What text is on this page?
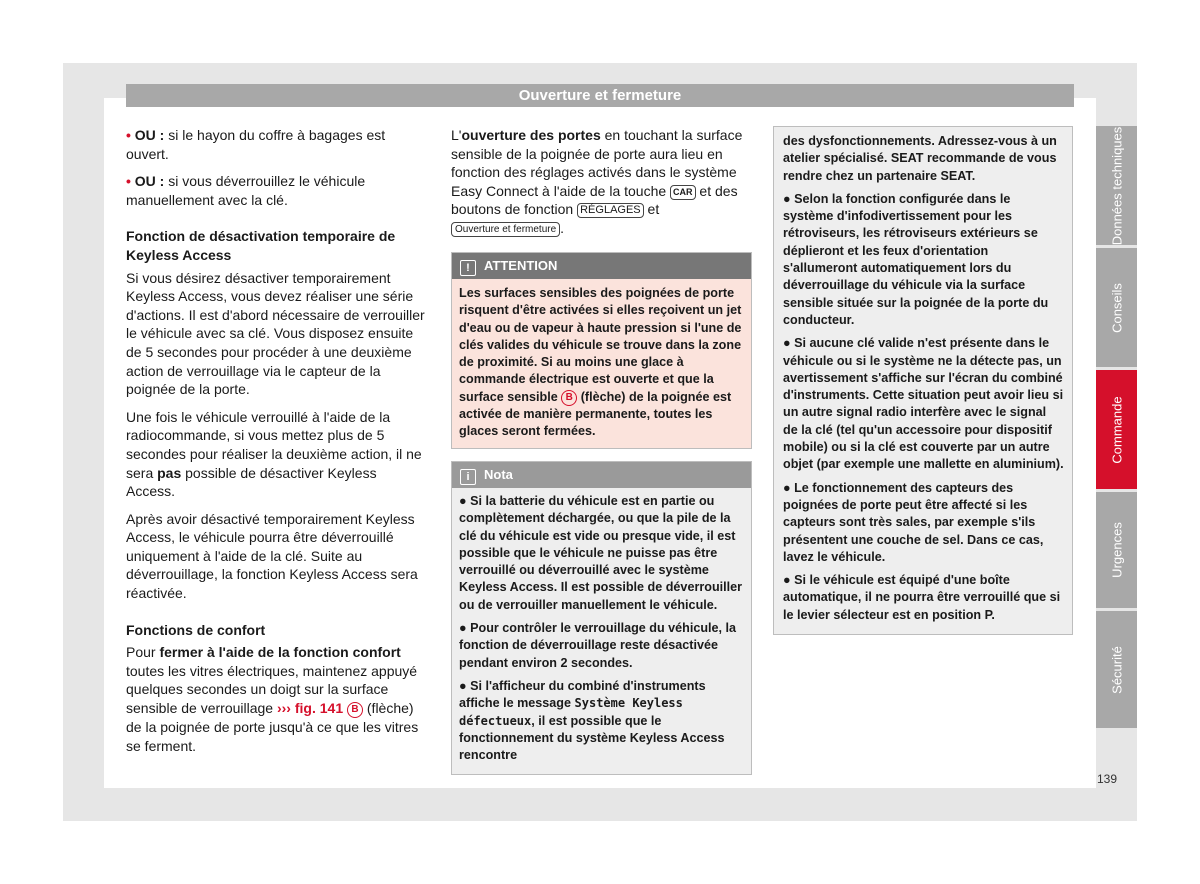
Ouverture et fermeture

• OU : si le hayon du coffre à bagages est ouvert.

• OU : si vous déverrouillez le véhicule manuellement avec la clé.

Fonction de désactivation temporaire de Keyless Access

Si vous désirez désactiver temporairement Keyless Access, vous devez réaliser une série d'actions. Il est d'abord nécessaire de verrouiller le véhicule avec sa clé. Vous disposez ensuite de 5 secondes pour procéder à une deuxième action de verrouillage via le capteur de la poignée de la porte.

Une fois le véhicule verrouillé à l'aide de la radiocommande, si vous mettez plus de 5 secondes pour réaliser la deuxième action, il ne sera pas possible de désactiver Keyless Access.

Après avoir désactivé temporairement Keyless Access, le véhicule pourra être déverrouillé uniquement à l'aide de la clé. Suite au déverrouillage, la fonction Keyless Access sera réactivée.

Fonctions de confort

Pour fermer à l'aide de la fonction confort toutes les vitres électriques, maintenez appuyé quelques secondes un doigt sur la surface sensible de verrouillage ››› fig. 141 B (flèche) de la poignée de porte jusqu'à ce que les vitres se ferment.

L'ouverture des portes en touchant la surface sensible de la poignée de porte aura lieu en fonction des réglages activés dans le système Easy Connect à l'aide de la touche CAR et des boutons de fonction RÉGLAGES et
Ouverture et fermeture .

! ATTENTION
Les surfaces sensibles des poignées de porte risquent d'être activées si elles reçoivent un jet d'eau ou de vapeur à haute pression si l'une de clés valides du véhicule se trouve dans la zone de proximité. Si au moins une glace à commande électrique est ouverte et que la surface sensible B (flèche) de la poignée est activée de manière permanente, toutes les glaces seront fermées.
i Nota

● Si la batterie du véhicule est en partie ou complètement déchargée, ou que la pile de la clé du véhicule est vide ou presque vide, il est possible que le véhicule ne puisse pas être verrouillé ou déverrouillé avec le système Keyless Access. Il est possible de déverrouiller ou de verrouiller manuellement le véhicule.

● Pour contrôler le verrouillage du véhicule, la fonction de déverrouillage reste désactivée pendant environ 2 secondes.

● Si l'afficheur du combiné d'instruments affiche le message Système Keyless défectueux, il est possible que le fonctionnement du système Keyless Access rencontre

des dysfonctionnements. Adressez-vous à un atelier spécialisé. SEAT recommande de vous rendre chez un partenaire SEAT.

● Selon la fonction configurée dans le système d'infodivertissement pour les rétroviseurs, les rétroviseurs extérieurs se déplieront et les feux d'orientation s'allumeront automatiquement lors du déverrouillage du véhicule via la surface sensible située sur la poignée de la porte du conducteur.

● Si aucune clé valide n'est présente dans le véhicule ou si le système ne la détecte pas, un avertissement s'affiche sur l'écran du combiné d'instruments. Cette situation peut avoir lieu si un autre signal radio interfère avec le signal de la clé (tel qu'un accessoire pour dispositif mobile) ou si la clé est couverte par un autre objet (par exemple une mallette en aluminium).

● Le fonctionnement des capteurs des poignées de porte peut être affecté si les capteurs sont très sales, par exemple s'ils présentent une couche de sel. Dans ce cas, lavez le véhicule.

● Si le véhicule est équipé d'une boîte automatique, il ne pourra être verrouillé que si le levier sélecteur est en position P.

Données techniques
Conseils
Commande
Urgences
Sécurité
139
